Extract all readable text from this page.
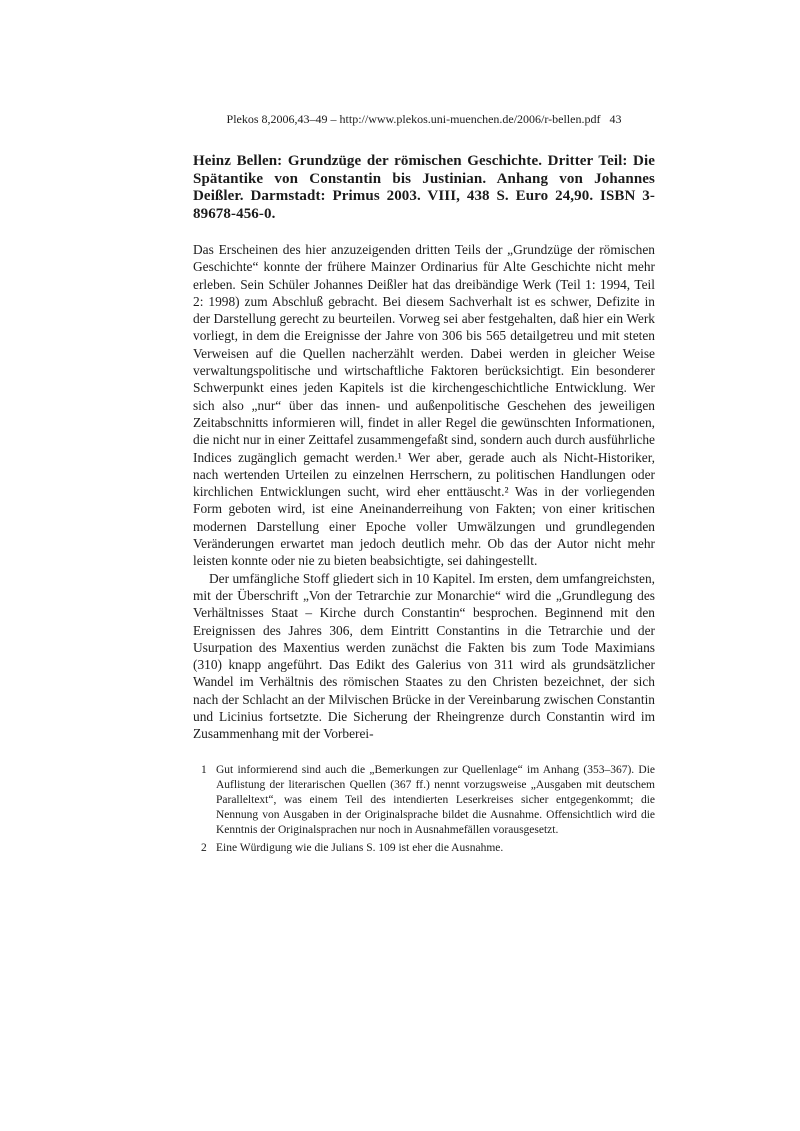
Plekos 8,2006,43–49 – http://www.plekos.uni-muenchen.de/2006/r-bellen.pdf 43
Heinz Bellen: Grundzüge der römischen Geschichte. Dritter Teil: Die Spätantike von Constantin bis Justinian. Anhang von Johannes Deißler. Darmstadt: Primus 2003. VIII, 438 S. Euro 24,90. ISBN 3-89678-456-0.

Das Erscheinen des hier anzuzeigenden dritten Teils der „Grundzüge der römischen Geschichte“ konnte der frühere Mainzer Ordinarius für Alte Geschichte nicht mehr erleben. Sein Schüler Johannes Deißler hat das dreibändige Werk (Teil 1: 1994, Teil 2: 1998) zum Abschluß gebracht. Bei diesem Sachverhalt ist es schwer, Defizite in der Darstellung gerecht zu beurteilen. Vorweg sei aber festgehalten, daß hier ein Werk vorliegt, in dem die Ereignisse der Jahre von 306 bis 565 detailgetreu und mit steten Verweisen auf die Quellen nacherzählt werden. Dabei werden in gleicher Weise verwaltungspolitische und wirtschaftliche Faktoren berücksichtigt. Ein besonderer Schwerpunkt eines jeden Kapitels ist die kirchengeschichtliche Entwicklung. Wer sich also „nur“ über das innen- und außenpolitische Geschehen des jeweiligen Zeitabschnitts informieren will, findet in aller Regel die gewünschten Informationen, die nicht nur in einer Zeittafel zusammengefaßt sind, sondern auch durch ausführliche Indices zugänglich gemacht werden.¹ Wer aber, gerade auch als Nicht-Historiker, nach wertenden Urteilen zu einzelnen Herrschern, zu politischen Handlungen oder kirchlichen Entwicklungen sucht, wird eher enttäuscht.² Was in der vorliegenden Form geboten wird, ist eine Aneinanderreihung von Fakten; von einer kritischen modernen Darstellung einer Epoche voller Umwälzungen und grundlegenden Veränderungen erwartet man jedoch deutlich mehr. Ob das der Autor nicht mehr leisten konnte oder nie zu bieten beabsichtigte, sei dahingestellt.

Der umfängliche Stoff gliedert sich in 10 Kapitel. Im ersten, dem umfangreichsten, mit der Überschrift „Von der Tetrarchie zur Monarchie“ wird die „Grundlegung des Verhältnisses Staat – Kirche durch Constantin“ besprochen. Beginnend mit den Ereignissen des Jahres 306, dem Eintritt Constantins in die Tetrarchie und der Usurpation des Maxentius werden zunächst die Fakten bis zum Tode Maximians (310) knapp angeführt. Das Edikt des Galerius von 311 wird als grundsätzlicher Wandel im Verhältnis des römischen Staates zu den Christen bezeichnet, der sich nach der Schlacht an der Milvischen Brücke in der Vereinbarung zwischen Constantin und Licinius fortsetzte. Die Sicherung der Rheingrenze durch Constantin wird im Zusammenhang mit der Vorberei-

1 Gut informierend sind auch die „Bemerkungen zur Quellenlage“ im Anhang (353–367). Die Auflistung der literarischen Quellen (367 ff.) nennt vorzugsweise „Ausgaben mit deutschem Paralleltext“, was einem Teil des intendierten Leserkreises sicher entgegenkommt; die Nennung von Ausgaben in der Originalsprache bildet die Ausnahme. Offensichtlich wird die Kenntnis der Originalsprachen nur noch in Ausnahmefällen vorausgesetzt.
2 Eine Würdigung wie die Julians S. 109 ist eher die Ausnahme.
